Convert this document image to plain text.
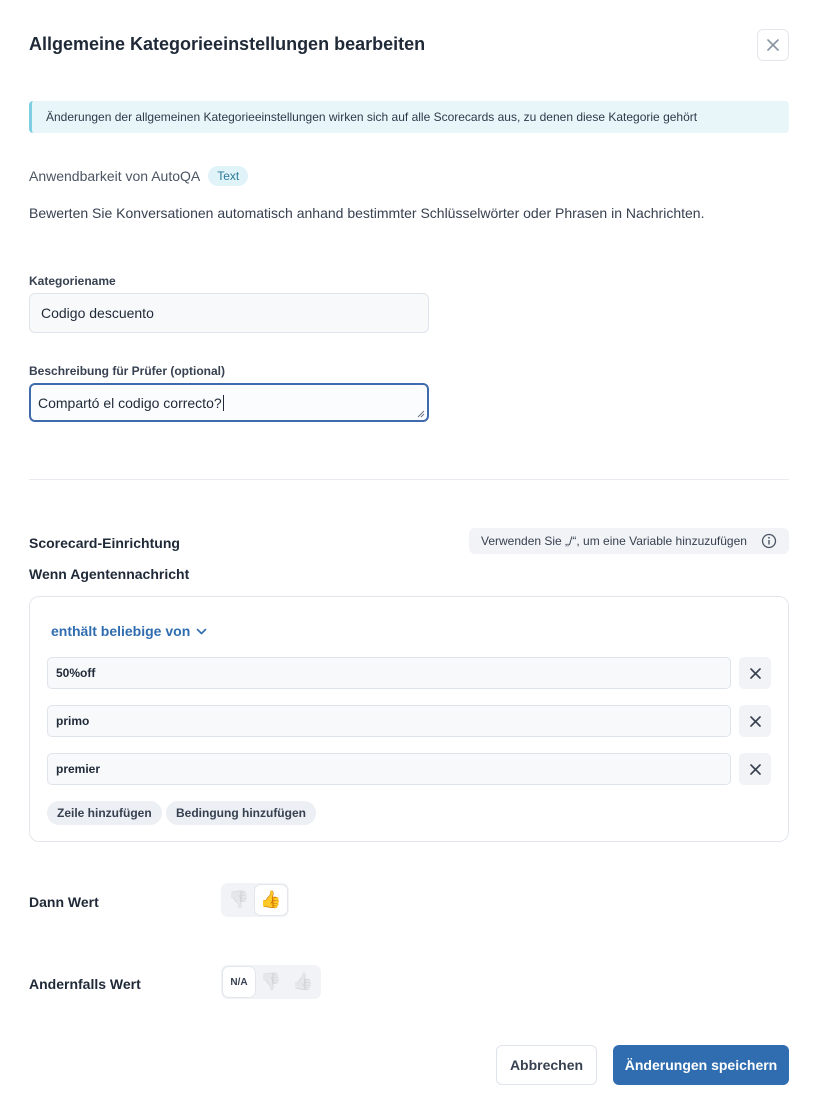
Allgemeine Kategorieeinstellungen bearbeiten
Änderungen der allgemeinen Kategorieeinstellungen wirken sich auf alle Scorecards aus, zu denen diese Kategorie gehört
Anwendbarkeit von AutoQA	Text
Bewerten Sie Konversationen automatisch anhand bestimmter Schlüsselwörter oder Phrasen in Nachrichten.
Kategoriename
Codigo descuento
Beschreibung für Prüfer (optional)
Compartó el codigo correcto?
Scorecard-Einrichtung	Verwenden Sie „/“, um eine Variable hinzuzufügen
Wenn Agentennachricht
enthält beliebige von
50%off
primo
premier
Zeile hinzufügen	Bedingung hinzufügen
Dann Wert	👎 👍
Andernfalls Wert	N/A 👎 👍
Abbrechen	Änderungen speichern
